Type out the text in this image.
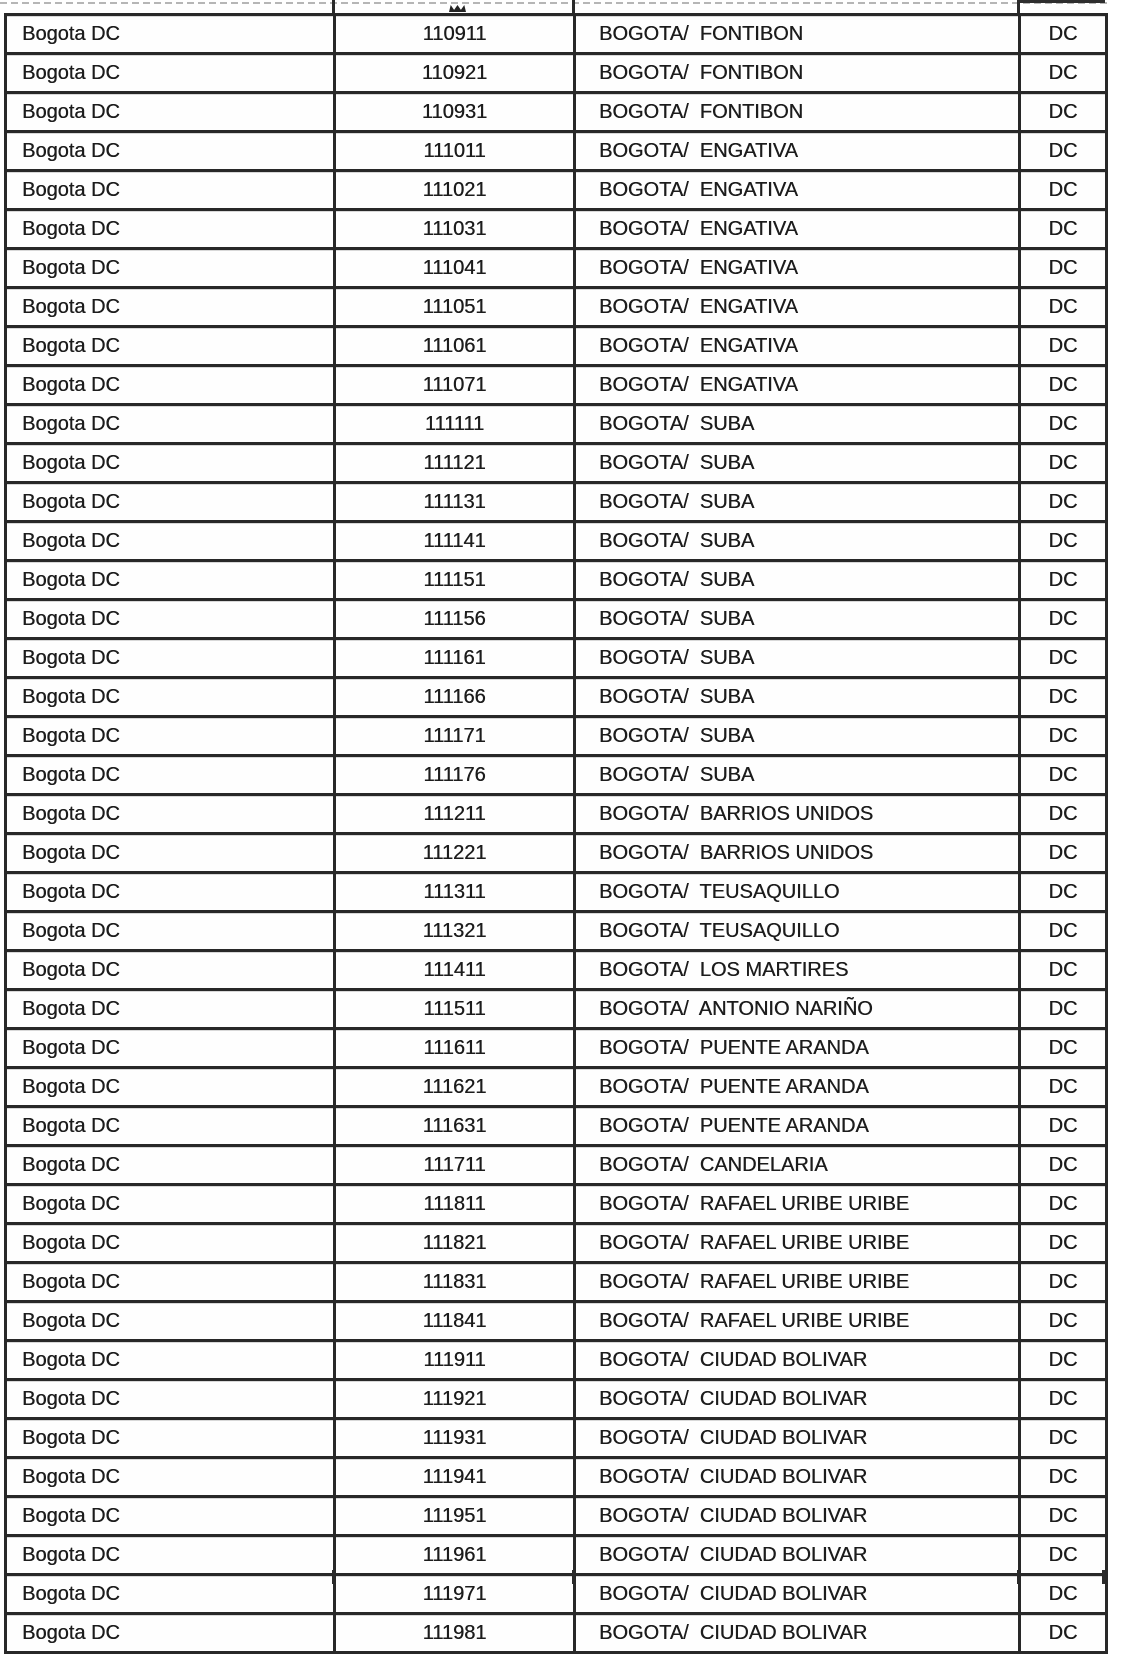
Bogota DC	110911	BOGOTA/  FONTIBON	DC
Bogota DC	110921	BOGOTA/  FONTIBON	DC
Bogota DC	110931	BOGOTA/  FONTIBON	DC
Bogota DC	111011	BOGOTA/  ENGATIVA	DC
Bogota DC	111021	BOGOTA/  ENGATIVA	DC
Bogota DC	111031	BOGOTA/  ENGATIVA	DC
Bogota DC	111041	BOGOTA/  ENGATIVA	DC
Bogota DC	111051	BOGOTA/  ENGATIVA	DC
Bogota DC	111061	BOGOTA/  ENGATIVA	DC
Bogota DC	111071	BOGOTA/  ENGATIVA	DC
Bogota DC	111111	BOGOTA/  SUBA	DC
Bogota DC	111121	BOGOTA/  SUBA	DC
Bogota DC	111131	BOGOTA/  SUBA	DC
Bogota DC	111141	BOGOTA/  SUBA	DC
Bogota DC	111151	BOGOTA/  SUBA	DC
Bogota DC	111156	BOGOTA/  SUBA	DC
Bogota DC	111161	BOGOTA/  SUBA	DC
Bogota DC	111166	BOGOTA/  SUBA	DC
Bogota DC	111171	BOGOTA/  SUBA	DC
Bogota DC	111176	BOGOTA/  SUBA	DC
Bogota DC	111211	BOGOTA/  BARRIOS UNIDOS	DC
Bogota DC	111221	BOGOTA/  BARRIOS UNIDOS	DC
Bogota DC	111311	BOGOTA/  TEUSAQUILLO	DC
Bogota DC	111321	BOGOTA/  TEUSAQUILLO	DC
Bogota DC	111411	BOGOTA/  LOS MARTIRES	DC
Bogota DC	111511	BOGOTA/  ANTONIO NARIÑO	DC
Bogota DC	111611	BOGOTA/  PUENTE ARANDA	DC
Bogota DC	111621	BOGOTA/  PUENTE ARANDA	DC
Bogota DC	111631	BOGOTA/  PUENTE ARANDA	DC
Bogota DC	111711	BOGOTA/  CANDELARIA	DC
Bogota DC	111811	BOGOTA/  RAFAEL URIBE URIBE	DC
Bogota DC	111821	BOGOTA/  RAFAEL URIBE URIBE	DC
Bogota DC	111831	BOGOTA/  RAFAEL URIBE URIBE	DC
Bogota DC	111841	BOGOTA/  RAFAEL URIBE URIBE	DC
Bogota DC	111911	BOGOTA/  CIUDAD BOLIVAR	DC
Bogota DC	111921	BOGOTA/  CIUDAD BOLIVAR	DC
Bogota DC	111931	BOGOTA/  CIUDAD BOLIVAR	DC
Bogota DC	111941	BOGOTA/  CIUDAD BOLIVAR	DC
Bogota DC	111951	BOGOTA/  CIUDAD BOLIVAR	DC
Bogota DC	111961	BOGOTA/  CIUDAD BOLIVAR	DC
Bogota DC	111971	BOGOTA/  CIUDAD BOLIVAR	DC
Bogota DC	111981	BOGOTA/  CIUDAD BOLIVAR	DC
